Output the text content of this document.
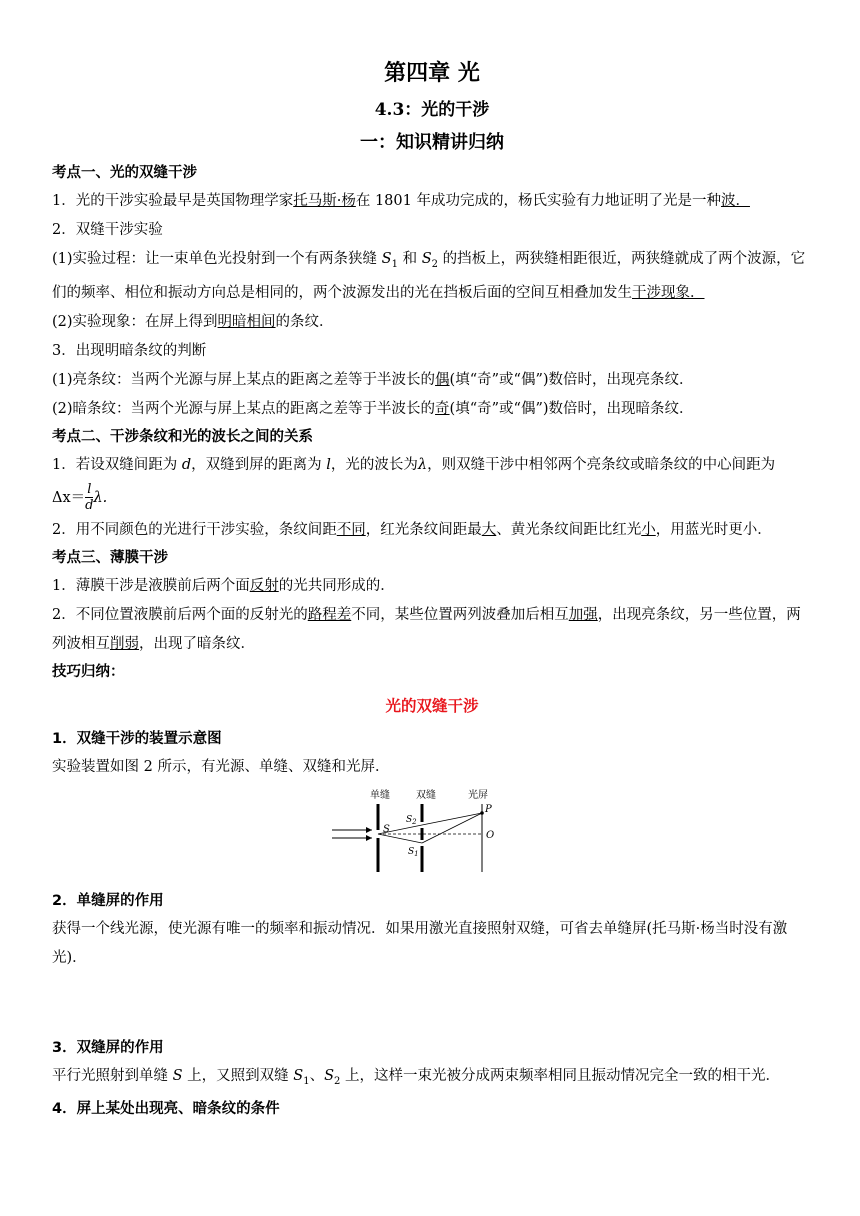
第四章 光
4.3：光的干涉
一：知识精讲归纳
考点一、光的双缝干涉

1．光的干涉实验最早是英国物理学家托马斯·杨在 1801 年成功完成的，杨氏实验有力地证明了光是一种波．

2．双缝干涉实验

(1)实验过程：让一束单色光投射到一个有两条狭缝 $S_1$ 和 $S_2$ 的挡板上，两狭缝相距很近，两狭缝就成了两个波源，它们的频率、相位和振动方向总是相同的，两个波源发出的光在挡板后面的空间互相叠加发生干涉现象．

(2)实验现象：在屏上得到明暗相间的条纹．

3．出现明暗条纹的判断

(1)亮条纹：当两个光源与屏上某点的距离之差等于半波长的偶(填“奇”或“偶”)数倍时，出现亮条纹．

(2)暗条纹：当两个光源与屏上某点的距离之差等于半波长的奇(填“奇”或“偶”)数倍时，出现暗条纹．

考点二、干涉条纹和光的波长之间的关系

1．若设双缝间距为 d，双缝到屏的距离为 l，光的波长为λ，则双缝干涉中相邻两个亮条纹或暗条纹的中心间距为

$\Delta x= \frac{l}{d} \lambda$.

2．用不同颜色的光进行干涉实验，条纹间距不同，红光条纹间距最大、黄光条纹间距比红光小，用蓝光时更小．

考点三、薄膜干涉

1．薄膜干涉是液膜前后两个面反射的光共同形成的．

2．不同位置液膜前后两个面的反射光的路程差不同，某些位置两列波叠加后相互加强，出现亮条纹，另一些位置，两列波相互削弱，出现了暗条纹．

技巧归纳：
光的双缝干涉
1．双缝干涉的装置示意图

实验装置如图 2 所示，有光源、单缝、双缝和光屏．

单缝	双缝	光屏
P
O
S
$S_2$
$S_1$
2．单缝屏的作用

获得一个线光源，使光源有唯一的频率和振动情况．如果用激光直接照射双缝，可省去单缝屏(托马斯·杨当时没有激光)．

3．双缝屏的作用

平行光照射到单缝 S 上，又照到双缝 $S_1$、$S_2$ 上，这样一束光被分成两束频率相同且振动情况完全一致的相干光．

4．屏上某处出现亮、暗条纹的条件
